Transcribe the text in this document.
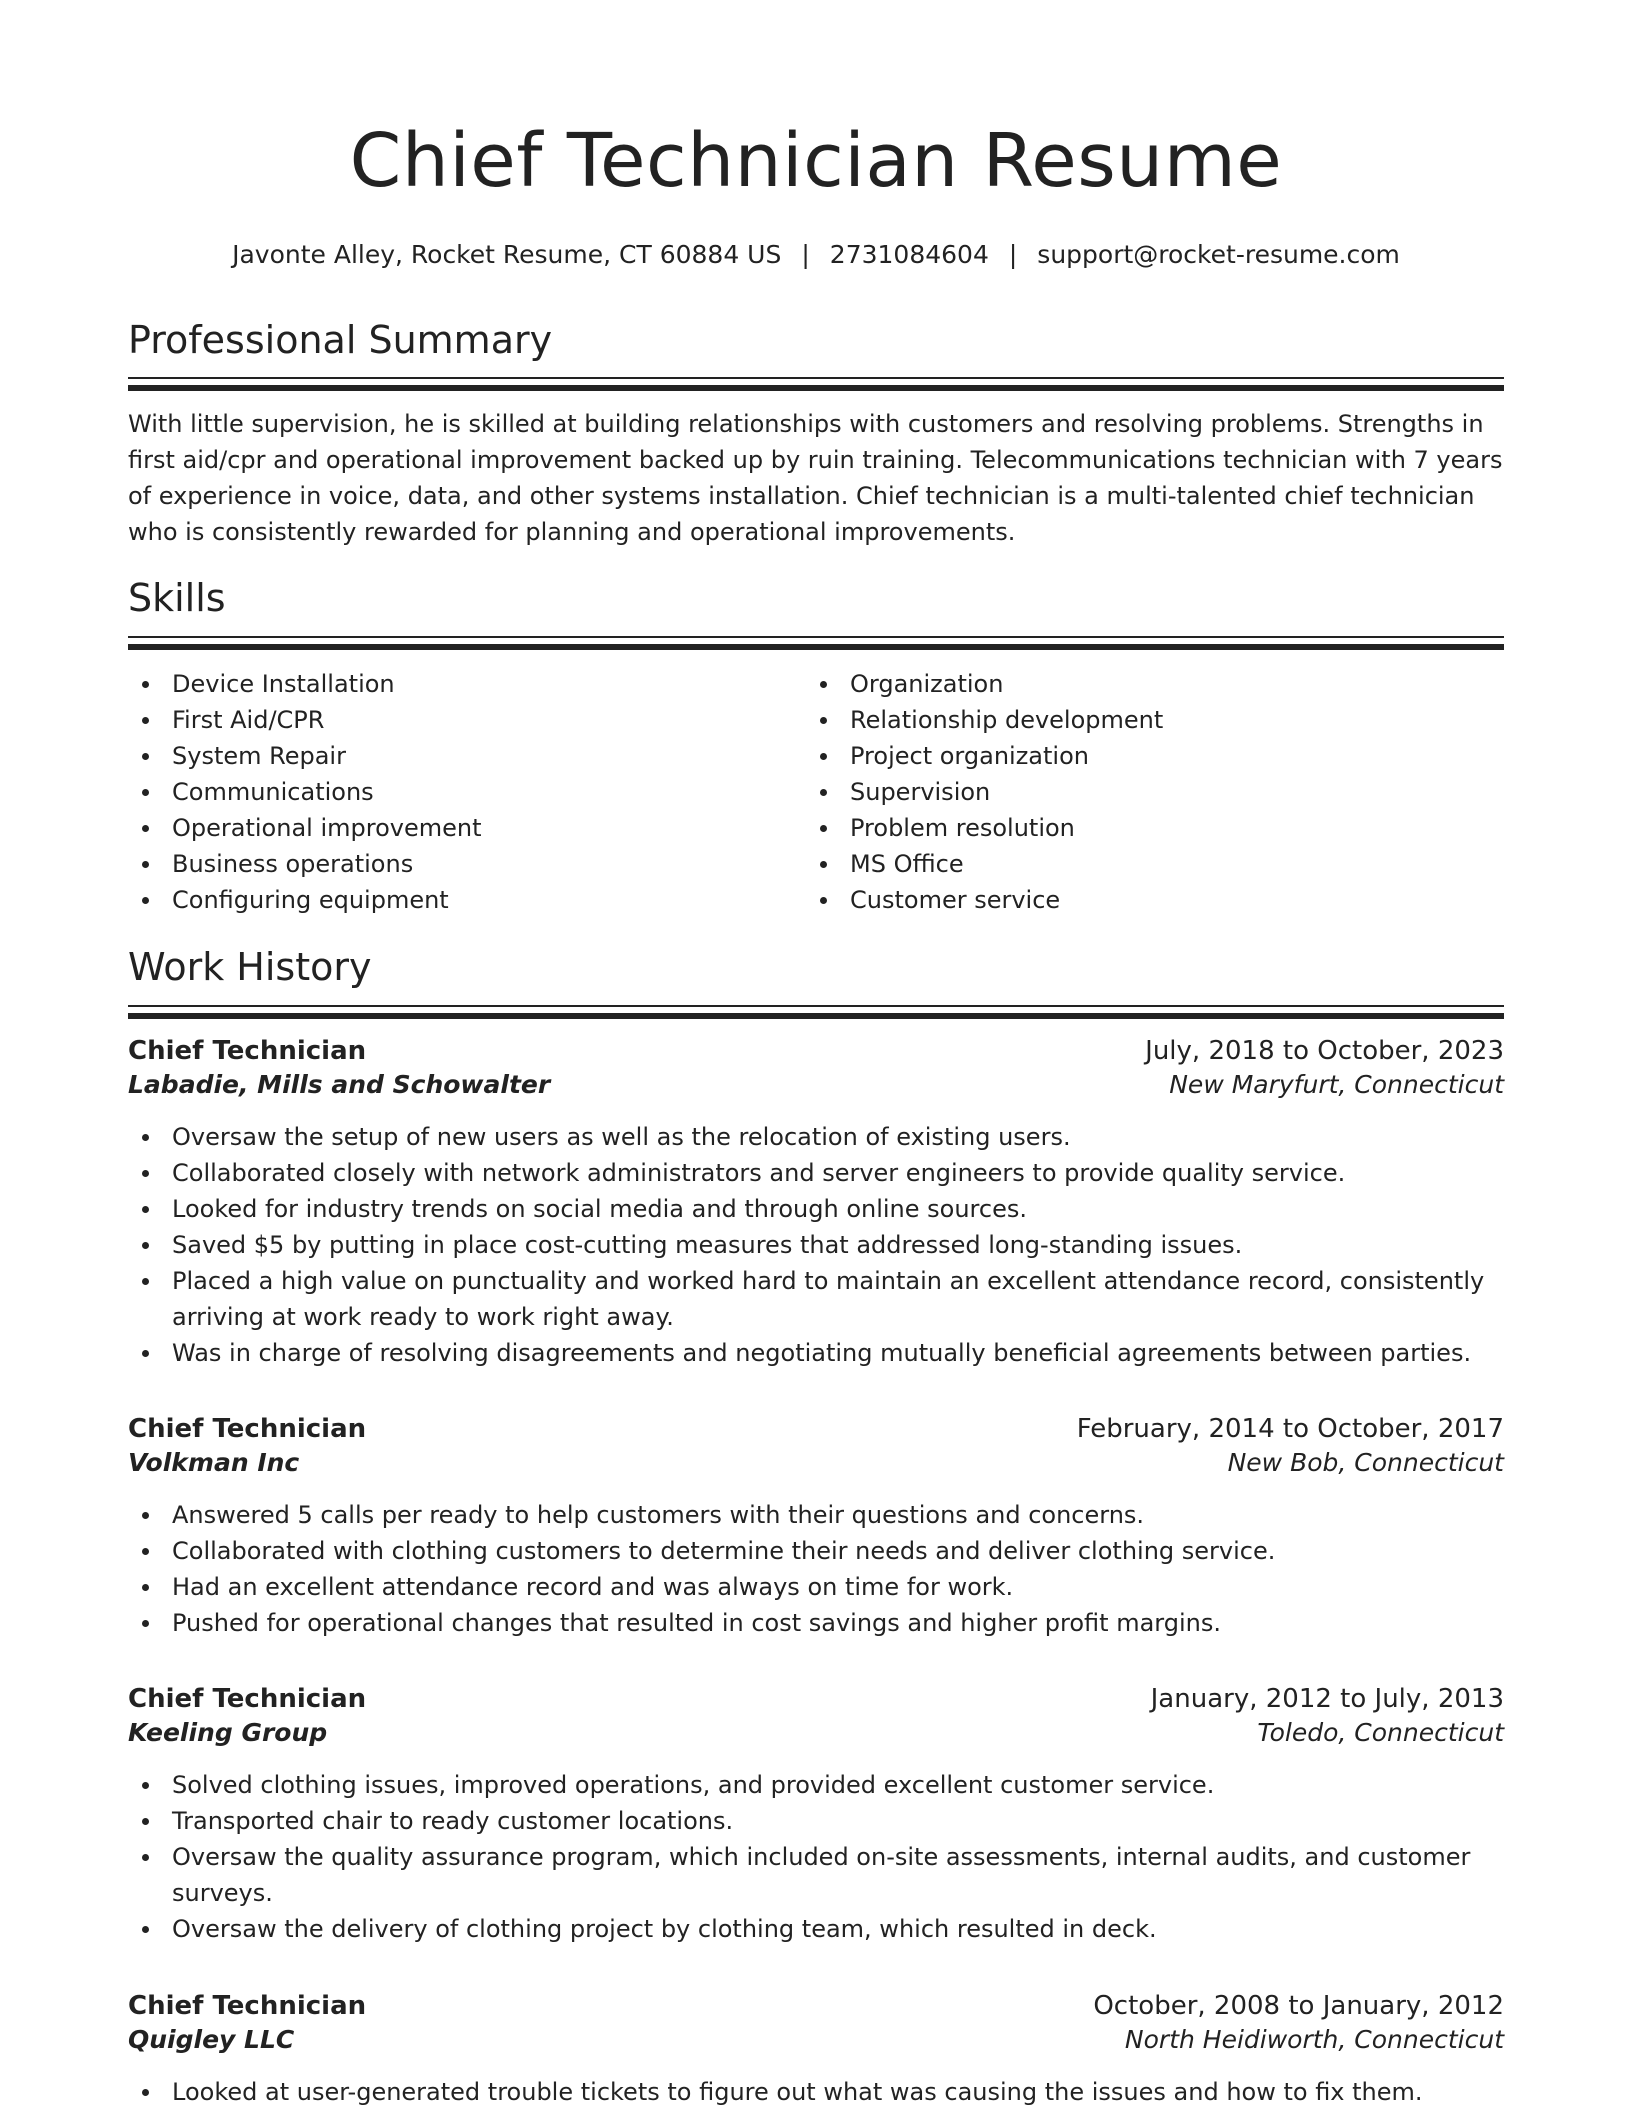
Chief Technician Resume
Javonte Alley, Rocket Resume, CT 60884 US | 2731084604 | support@rocket-resume.com
Professional Summary

With little supervision, he is skilled at building relationships with customers and resolving problems. Strengths in first aid/cpr and operational improvement backed up by ruin training. Telecommunications technician with 7 years of experience in voice, data, and other systems installation. Chief technician is a multi-talented chief technician who is consistently rewarded for planning and operational improvements.

Skills
Device Installation
First Aid/CPR
System Repair
Communications
Operational improvement
Business operations
Configuring equipment
Organization
Relationship development
Project organization
Supervision
Problem resolution
MS Office
Customer service
Work History
Chief Technician	July, 2018 to October, 2023
Labadie, Mills and Schowalter	New Maryfurt, Connecticut
Oversaw the setup of new users as well as the relocation of existing users.
Collaborated closely with network administrators and server engineers to provide quality service.
Looked for industry trends on social media and through online sources.
Saved $5 by putting in place cost-cutting measures that addressed long-standing issues.
Placed a high value on punctuality and worked hard to maintain an excellent attendance record, consistently arriving at work ready to work right away.
Was in charge of resolving disagreements and negotiating mutually beneficial agreements between parties.
Chief Technician	February, 2014 to October, 2017
Volkman Inc	New Bob, Connecticut
Answered 5 calls per ready to help customers with their questions and concerns.
Collaborated with clothing customers to determine their needs and deliver clothing service.
Had an excellent attendance record and was always on time for work.
Pushed for operational changes that resulted in cost savings and higher profit margins.
Chief Technician	January, 2012 to July, 2013
Keeling Group	Toledo, Connecticut
Solved clothing issues, improved operations, and provided excellent customer service.
Transported chair to ready customer locations.
Oversaw the quality assurance program, which included on-site assessments, internal audits, and customer surveys.
Oversaw the delivery of clothing project by clothing team, which resulted in deck.
Chief Technician	October, 2008 to January, 2012
Quigley LLC	North Heidiworth, Connecticut
Looked at user-generated trouble tickets to figure out what was causing the issues and how to fix them.
